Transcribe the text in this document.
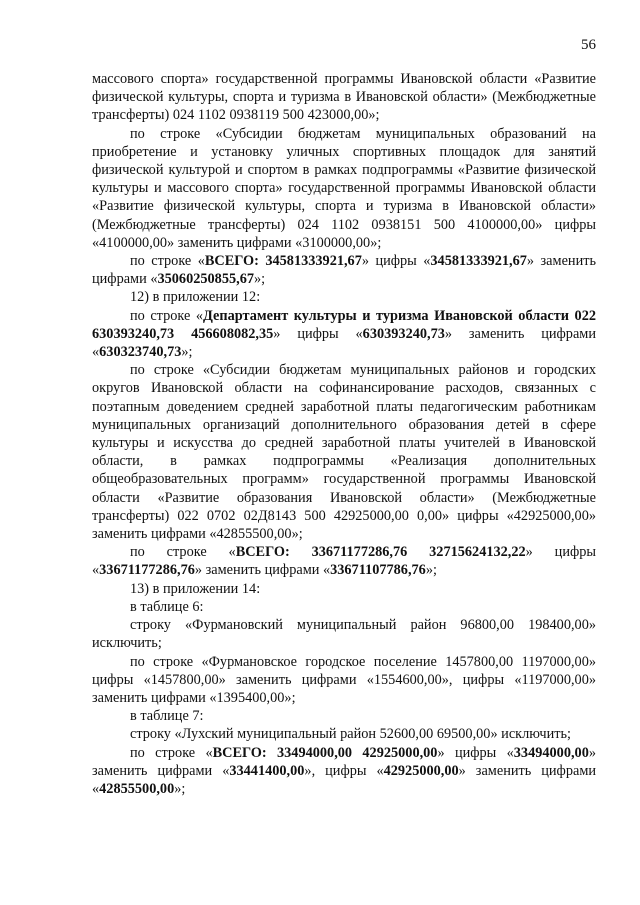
56

массового спорта» государственной программы Ивановской области «Развитие физической культуры, спорта и туризма в Ивановской области» (Межбюджетные трансферты) 024 1102 0938119 500 423000,00»;

по строке «Субсидии бюджетам муниципальных образований на приобретение и установку уличных спортивных площадок для занятий физической культурой и спортом в рамках подпрограммы «Развитие физической культуры и массового спорта» государственной программы Ивановской области «Развитие физической культуры, спорта и туризма в Ивановской области» (Межбюджетные трансферты) 024 1102 0938151 500 4100000,00» цифры «4100000,00» заменить цифрами «3100000,00»;

по строке «ВСЕГО: 34581333921,67» цифры «34581333921,67» заменить цифрами «35060250855,67»;

12) в приложении 12:

по строке «Департамент культуры и туризма Ивановской области 022 630393240,73 456608082,35» цифры «630393240,73» заменить цифрами «630323740,73»;

по строке «Субсидии бюджетам муниципальных районов и городских округов Ивановской области на софинансирование расходов, связанных с поэтапным доведением средней заработной платы педагогическим работникам муниципальных организаций дополнительного образования детей в сфере культуры и искусства до средней заработной платы учителей в Ивановской области, в рамках подпрограммы «Реализация дополнительных общеобразовательных программ» государственной программы Ивановской области «Развитие образования Ивановской области» (Межбюджетные трансферты) 022 0702 02Д8143 500 42925000,00 0,00» цифры «42925000,00» заменить цифрами «42855500,00»;

по строке «ВСЕГО: 33671177286,76 32715624132,22» цифры «33671177286,76» заменить цифрами «33671107786,76»;

13) в приложении 14:

в таблице 6:

строку «Фурмановский муниципальный район 96800,00 198400,00» исключить;

по строке «Фурмановское городское поселение 1457800,00 1197000,00» цифры «1457800,00» заменить цифрами «1554600,00», цифры «1197000,00» заменить цифрами «1395400,00»;

в таблице 7:

строку «Лухский муниципальный район 52600,00 69500,00» исключить;

по строке «ВСЕГО: 33494000,00 42925000,00» цифры «33494000,00» заменить цифрами «33441400,00», цифры «42925000,00» заменить цифрами «42855500,00»;
